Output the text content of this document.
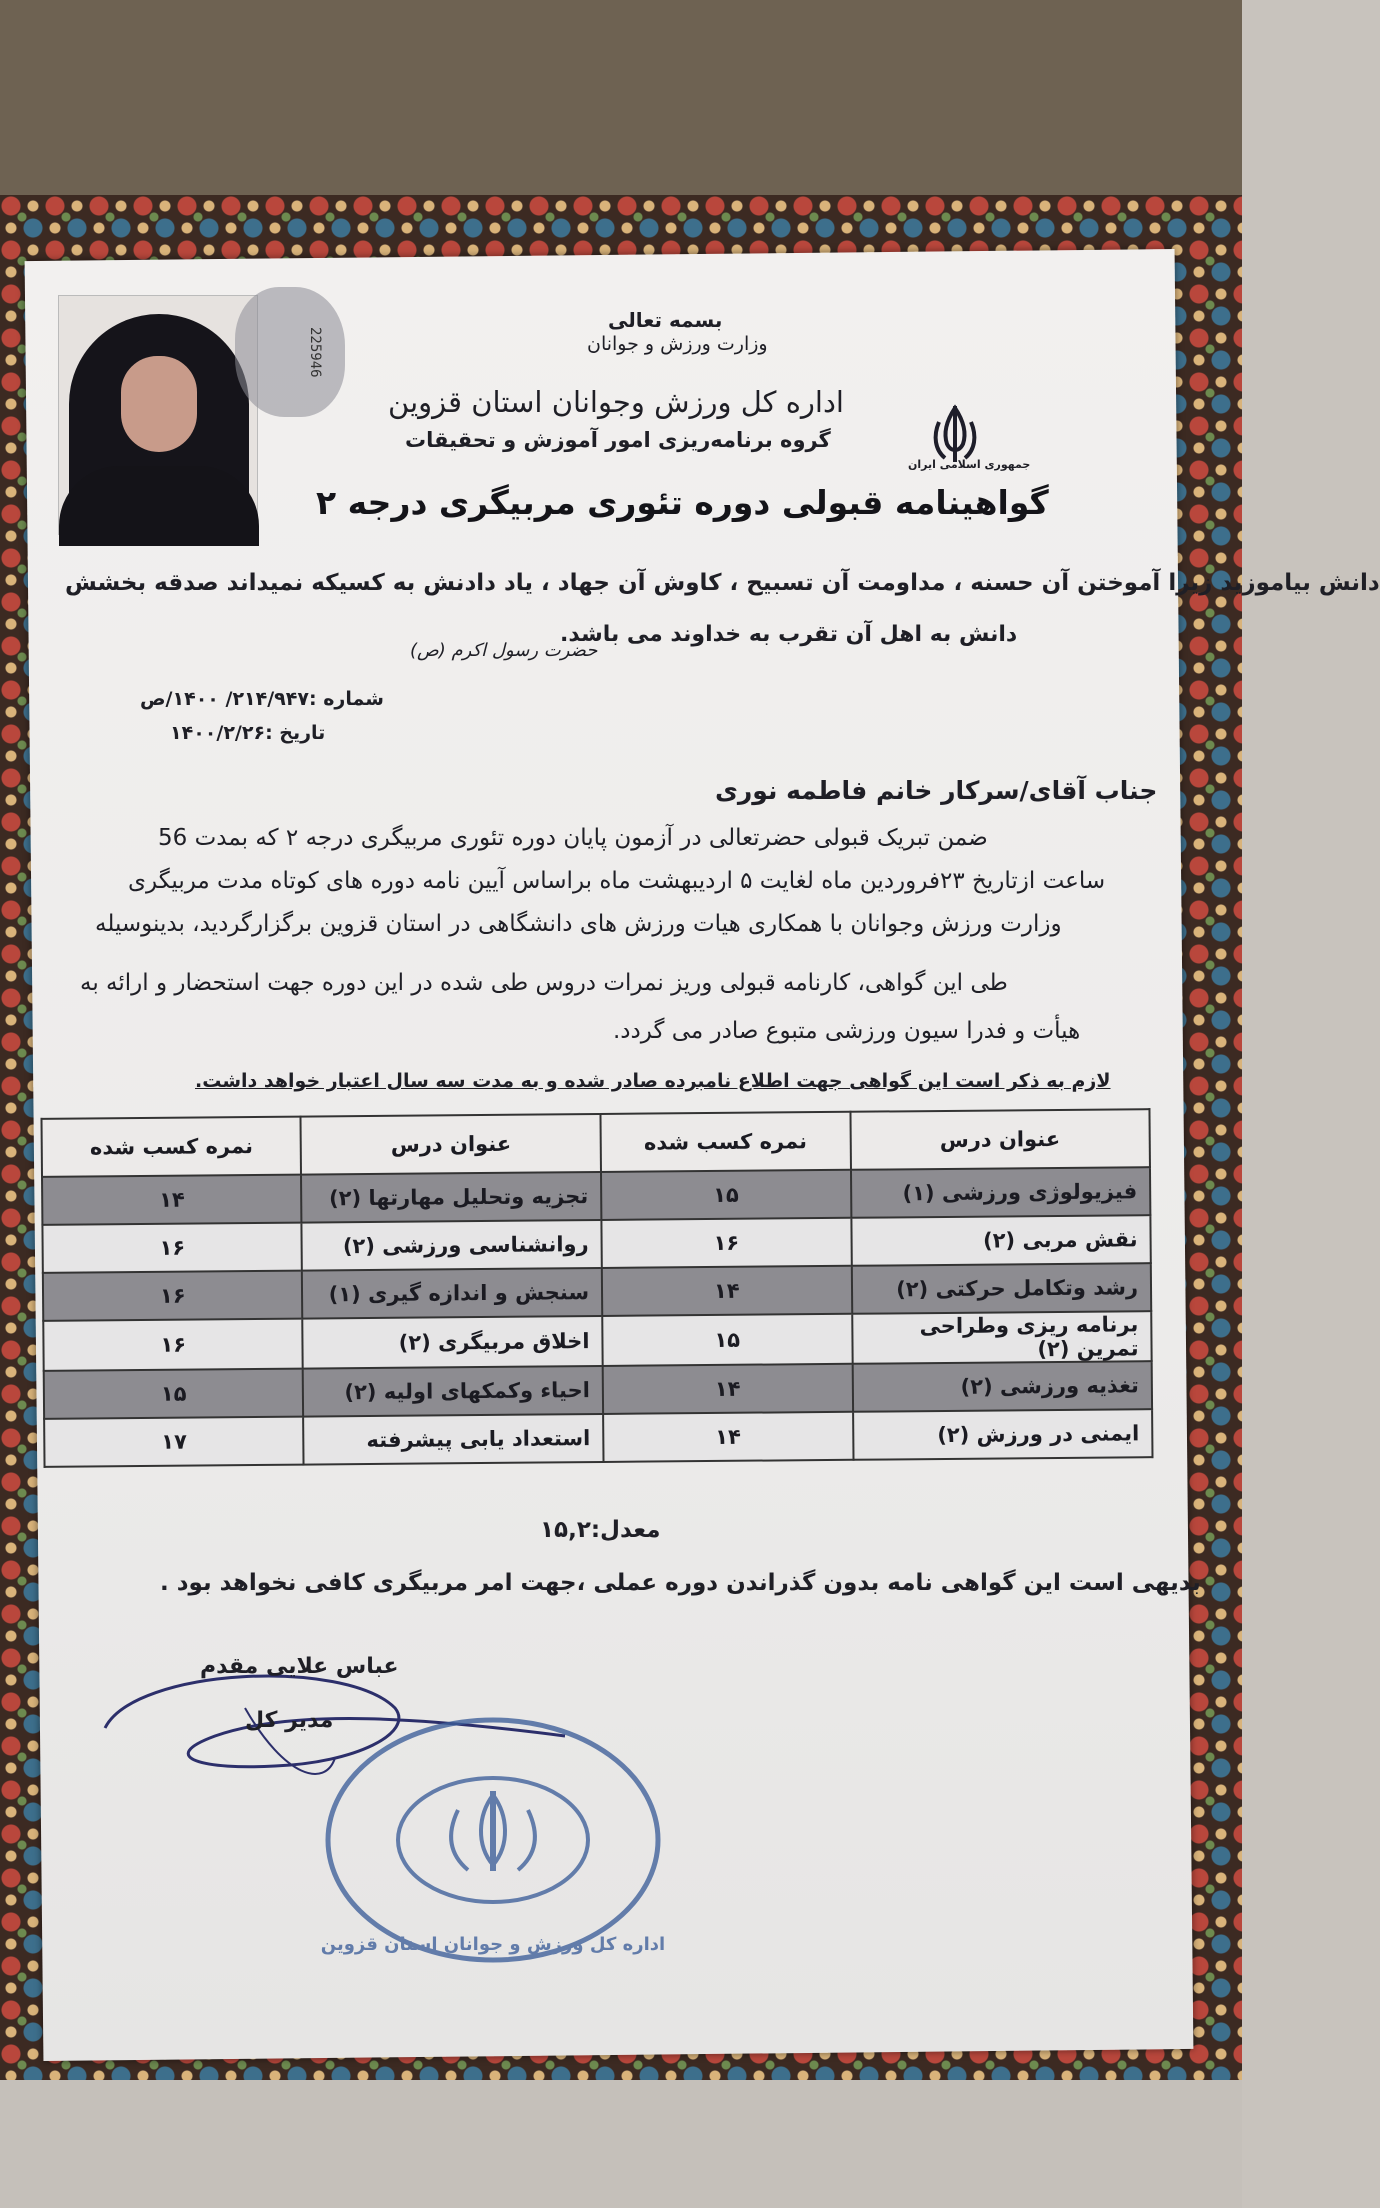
225946
بسمه تعالی
وزارت ورزش و جوانان
اداره کل ورزش وجوانان استان قزوین
گروه برنامه‌ریزی امور آموزش و تحقیقات
گواهینامه قبولی دوره تئوری مربیگری درجه ۲
جمهوری اسلامی ایران
دانش بیاموزید زیرا آموختن آن حسنه ، مداومت آن تسبیح ، کاوش آن جهاد ، یاد دادنش به کسیکه نمیداند صدقه بخشش
دانش به اهل آن تقرب به خداوند می باشد.
حضرت رسول اکرم (ص)
شماره :۲۱۴/۹۴۷/ ۱۴۰۰/ص
تاریخ :۱۴۰۰/۲/۲۶
جناب آقای/سرکار خانم فاطمه نوری
ضمن تبریک قبولی حضرتعالی در آزمون پایان دوره تئوری مربیگری درجه ۲ که بمدت 56
ساعت ازتاریخ ۲۳فروردین ماه لغایت ۵ اردیبهشت ماه براساس آیین نامه دوره های کوتاه مدت مربیگری
وزارت ورزش وجوانان با همکاری هیات ورزش های دانشگاهی در استان قزوین برگزارگردید، بدینوسیله
طی این گواهی، کارنامه قبولی وریز نمرات دروس طی شده در این دوره جهت استحضار و ارائه به
هیأت و فدرا سیون ورزشی متبوع صادر می گردد.
لازم به ذکر است این گواهی جهت اطلاع نامبرده صادر شده و به مدت سه سال اعتبار خواهد داشت.
عنوان درس	نمره کسب شده	عنوان درس	نمره کسب شده
فیزیولوژی ورزشی (۱)	۱۵	تجزیه وتحلیل مهارتها (۲)	۱۴
نقش مربی (۲)	۱۶	روانشناسی ورزشی (۲)	۱۶
رشد وتکامل حرکتی (۲)	۱۴	سنجش و اندازه گیری (۱)	۱۶
برنامه ریزی وطراحی تمرین (۲)	۱۵	اخلاق مربیگری (۲)	۱۶
تغذیه ورزشی (۲)	۱۴	احیاء وکمکهای اولیه (۲)	۱۵
ایمنی در ورزش (۲)	۱۴	استعداد یابی پیشرفته	۱۷
معدل:۱۵,۲
بدیهی است این گواهی نامه بدون گذراندن دوره عملی ،جهت امر مربیگری کافی نخواهد بود .
عباس علایی مقدم
مدیر کل
اداره کل ورزش و جوانان استان قزوین
